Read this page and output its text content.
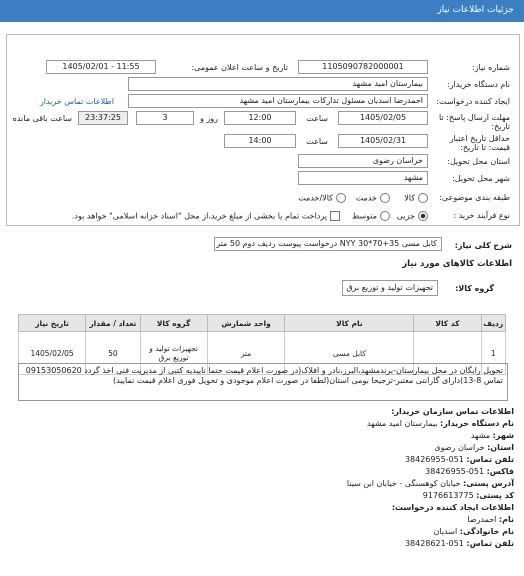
جزئیات اطلاعات نیاز
شماره نیاز:
1105090782000001
تاریخ و ساعت اعلان عمومی:
1405/02/01 - 11:55
نام دستگاه خریدار:
بیمارستان امید مشهد
ایجاد کننده درخواست:
احمدرضا اسدیان مسئول تدارکات بیمارستان امید مشهد
اطلاعات تماس خریدار
مهلت ارسال پاسخ: تا تاریخ:
1405/02/05
ساعت
12:00
3	روز و
23:37:25
ساعت باقی مانده
حداقل تاریخ اعتبار قیمت: تا تاریخ:
1405/02/31
ساعت
14:00
استان محل تحویل:
خراسان رضوی
شهر محل تحویل:
مشهد
طبقه بندی موضوعی:
کالا
خدمت
کالا/خدمت
نوع فرآیند خرید :
جزیی
متوسط
پرداخت تمام یا بخشی از مبلغ خرید،از محل "اسناد خزانه اسلامی" خواهد بود.
شرح کلی نیاز:
کابل مسی 35+70*30 NYY درخواست پیوست ردیف دوم 50 متر
اطلاعات کالاهای مورد نیاز
گروه کالا:
تجهیزات تولید و توزیع برق
ردیف	کد کالا	نام کالا	واحد شمارش	گروه کالا	تعداد / مقدار	تاریخ نیاز
1		کابل مسی	متر	تجهیزات تولید و توزیع برق	50	1405/02/05
تحویل رایگان در محل بیمارستان-برندمشهد،البرز،نادر و افلاک(در صورت اعلام قیمت حتما تاییدیه کتبی از مدیریت فنی اخذ گردد 09153050620 تماس 8-13)دارای گارانتی معتبر-ترجیحا بومی استان(لطفا در صورت اعلام موجودی و تحویل فوری اعلام قیمت نمایید)
اطلاعات تماس سازمان خریدار:
نام دستگاه خریدار: بیمارستان امید مشهد
شهر: مشهد
استان: خراسان رضوی
تلفن تماس: 051-38426955
فاکس: 051-38426955
آدرس پستی: خیابان کوهسنگی - خیابان ابن سینا
کد پستی: 9176613775
اطلاعات ایجاد کننده درخواست:
نام: احمدرضا
نام خانوادگی: اسدیان
تلفن تماس: 051-38428621
